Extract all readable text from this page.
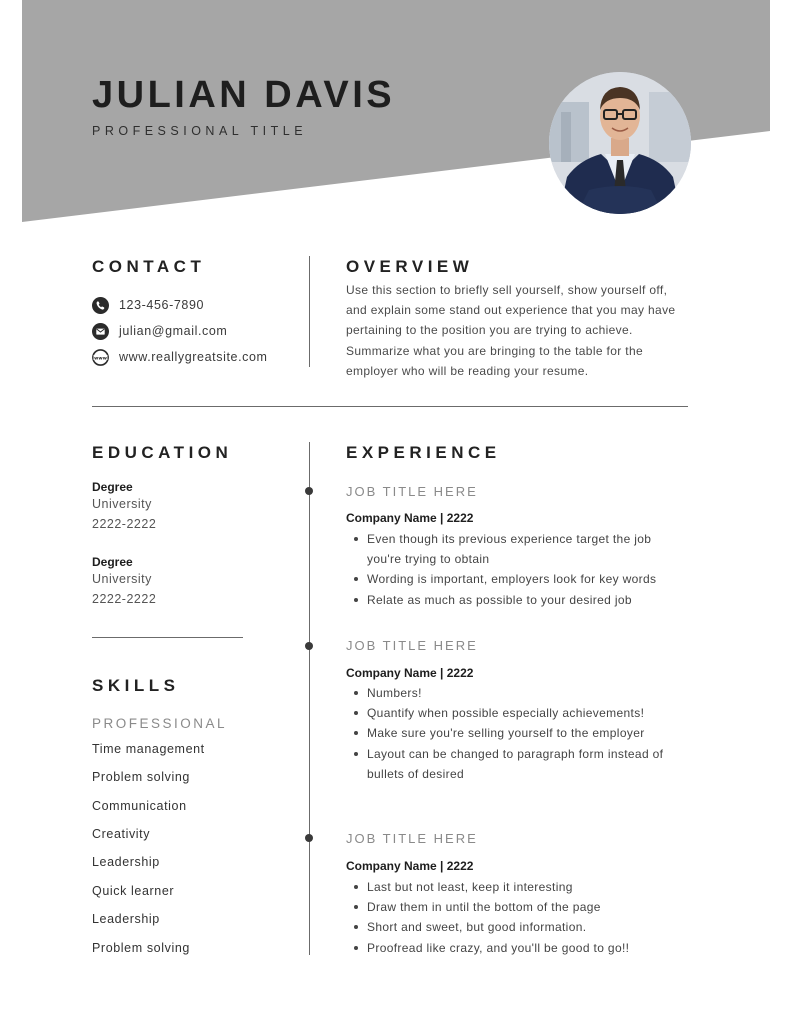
JULIAN DAVIS
PROFESSIONAL TITLE
CONTACT
123-456-7890
julian@gmail.com
www www.reallygreatsite.com
OVERVIEW
Use this section to briefly sell yourself, show yourself off,
and explain some stand out experience that you may have
pertaining to the position you are trying to achieve.
Summarize what you are bringing to the table for the
employer who will be reading your resume.
EDUCATION
Degree
University
2222-2222
Degree
University
2222-2222
SKILLS
PROFESSIONAL
Time management
Problem solving
Communication
Creativity
Leadership
Quick learner
Leadership
Problem solving
EXPERIENCE
JOB TITLE HERE
Company Name | 2222
Even though its previous experience target the job you're trying to obtain
Wording is important, employers look for key words
Relate as much as possible to your desired job
JOB TITLE HERE
Company Name | 2222
Numbers!
Quantify when possible especially achievements!
Make sure you're selling yourself to the employer
Layout can be changed to paragraph form instead of bullets of desired
JOB TITLE HERE
Company Name | 2222
Last but not least, keep it interesting
Draw them in until the bottom of the page
Short and sweet, but good information.
Proofread like crazy, and you'll be good to go!!
